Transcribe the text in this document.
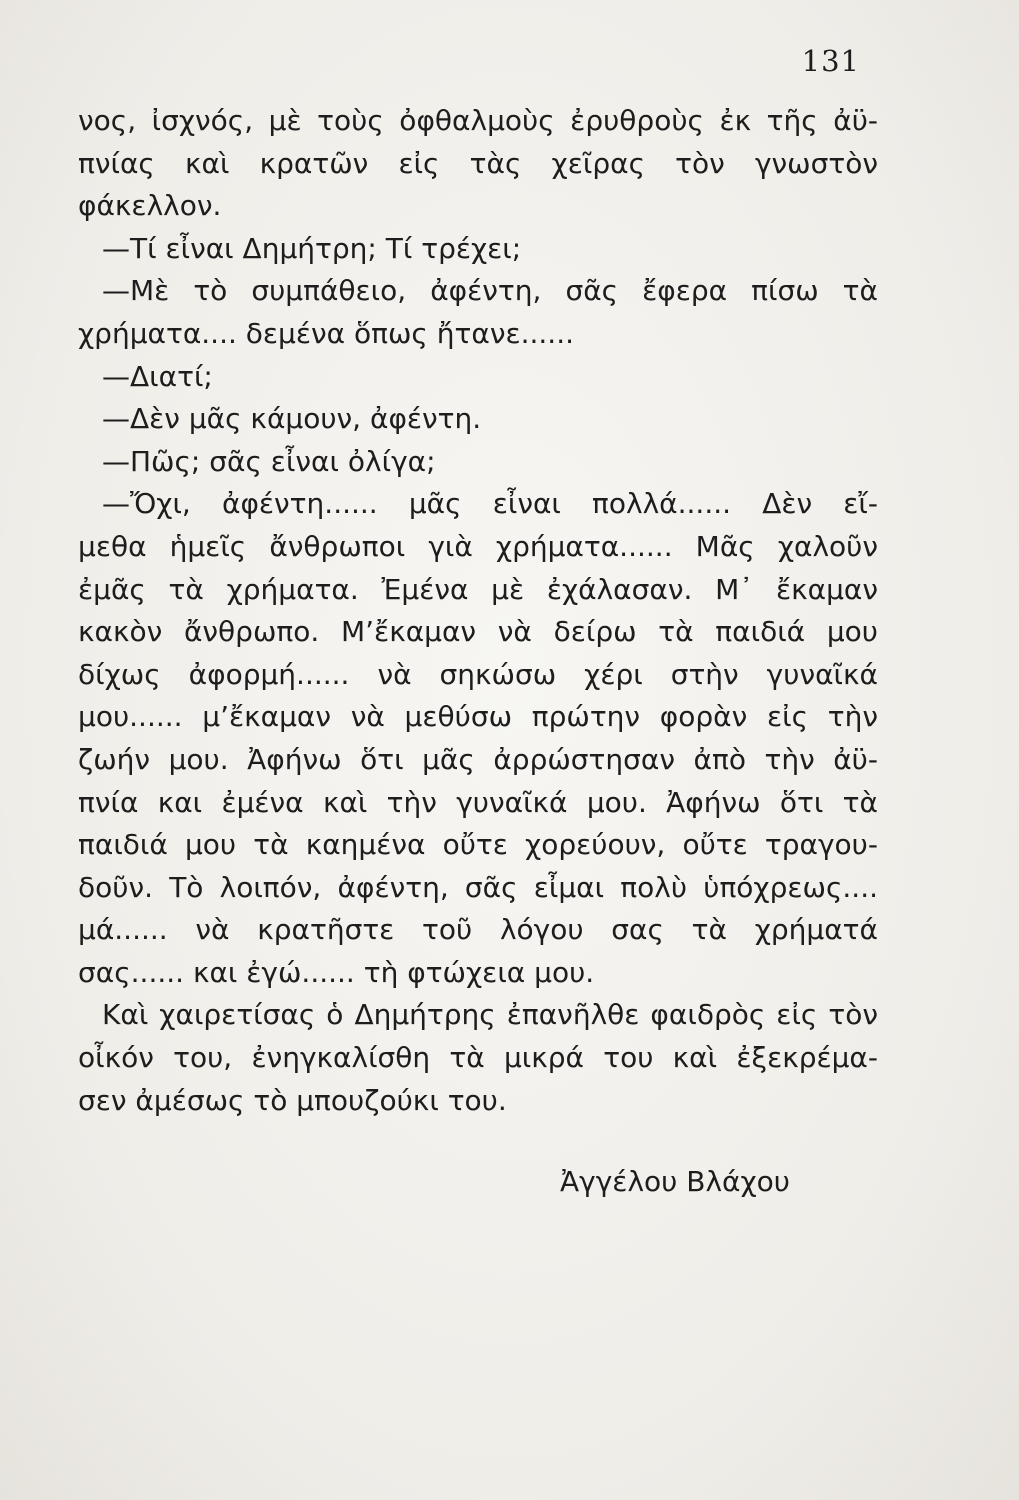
131
νος, ἰσχνός, μὲ τοὺς ὀφθαλμοὺς ἐρυθροὺς ἐκ τῆς ἀϋ-
πνίας καὶ κρατῶν εἰς τὰς χεῖρας τὸν γνωστὸν
φάκελλον.
—Τί εἶναι Δημήτρη; Τί τρέχει;
—Μὲ τὸ συμπάθειο, ἀφέντη, σᾶς ἔφερα πίσω τὰ
χρήματα.... δεμένα ὅπως ἤτανε......
—Διατί;
—Δὲν μᾶς κάμουν, ἀφέντη.
—Πῶς; σᾶς εἶναι ὀλίγα;
—Ὄχι, ἀφέντη...... μᾶς εἶναι πολλά...... Δὲν εἴ-
μεθα ἡμεῖς ἄνθρωποι γιὰ χρήματα...... Μᾶς χαλοῦν
ἐμᾶς τὰ χρήματα. Ἐμένα μὲ ἐχάλασαν. Μ᾽ ἔκαμαν
κακὸν ἄνθρωπο. Μ’ἔκαμαν νὰ δείρω τὰ παιδιά μου
δίχως ἀφορμή...... νὰ σηκώσω χέρι στὴν γυναῖκά
μου...... μ’ἔκαμαν νὰ μεθύσω πρώτην φορὰν εἰς τὴν
ζωήν μου. Ἀφήνω ὅτι μᾶς ἀρρώστησαν ἀπὸ τὴν ἀϋ-
πνία και ἐμένα καὶ τὴν γυναῖκά μου. Ἀφήνω ὅτι τὰ
παιδιά μου τὰ καημένα οὔτε χορεύουν, οὔτε τραγου-
δοῦν. Τὸ λοιπόν, ἀφέντη, σᾶς εἶμαι πολὺ ὑπόχρεως....
μά...... νὰ κρατῆστε τοῦ λόγου σας τὰ χρήματά
σας...... και ἐγώ...... τὴ φτώχεια μου.
Καὶ χαιρετίσας ὁ Δημήτρης ἐπανῆλθε φαιδρὸς εἰς τὸν
οἶκόν του, ἐνηγκαλίσθη τὰ μικρά του καὶ ἐξεκρέμα-
σεν ἀμέσως τὸ μπουζούκι του.
Ἀγγέλου Βλάχου
